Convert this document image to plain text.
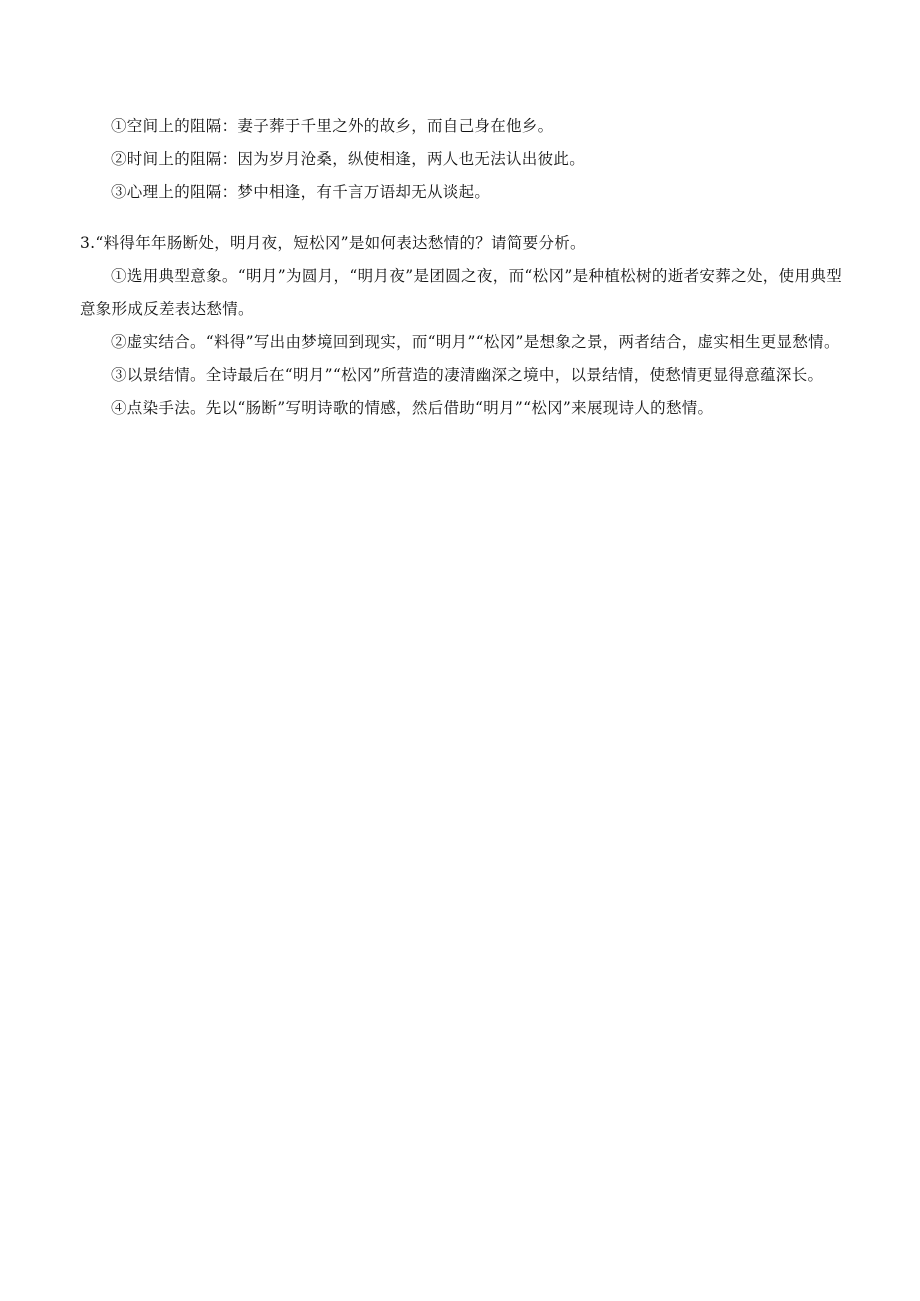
①空间上的阻隔：妻子葬于千里之外的故乡，而自己身在他乡。

②时间上的阻隔：因为岁月沧桑，纵使相逢，两人也无法认出彼此。

③心理上的阻隔：梦中相逢，有千言万语却无从谈起。

3.“料得年年肠断处，明月夜，短松冈”是如何表达愁情的？请简要分析。

①选用典型意象。“明月”为圆月，“明月夜”是团圆之夜，而“松冈”是种植松树的逝者安葬之处，使用典型意象形成反差表达愁情。

②虚实结合。“料得”写出由梦境回到现实，而“明月”“松冈”是想象之景，两者结合，虚实相生更显愁情。

③以景结情。全诗最后在“明月”“松冈”所营造的凄清幽深之境中，以景结情，使愁情更显得意蕴深长。

④点染手法。先以“肠断”写明诗歌的情感，然后借助“明月”“松冈”来展现诗人的愁情。
